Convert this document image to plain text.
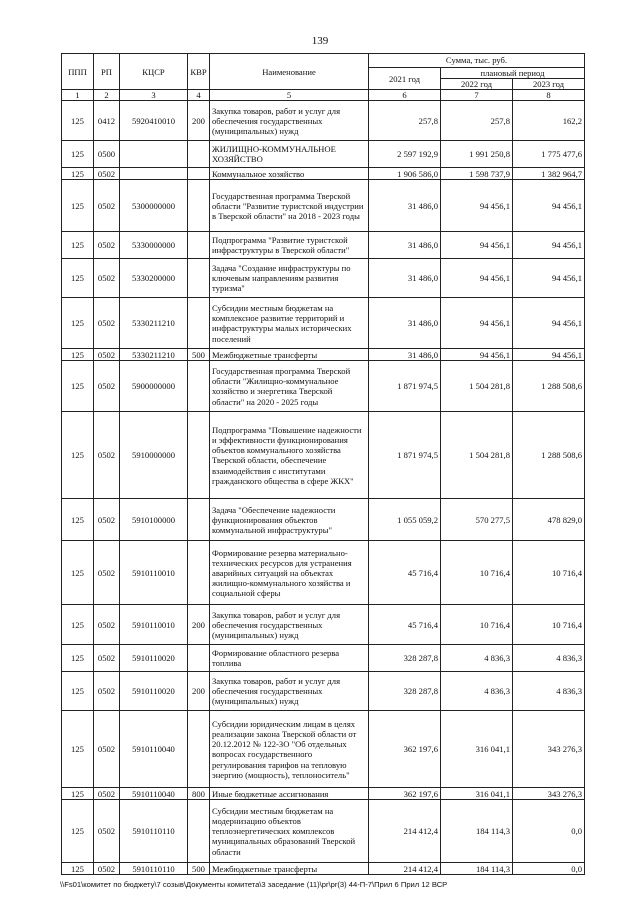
139
ППП	РП	КЦСР	КВР	Наименование	Сумма, тыс. руб.		
					2021 год	плановый период	
						2022 год	2023 год
1	2	3	4	5	6	7	8
125	0412	5920410010	200	Закупка товаров, работ и услуг для обеспечения государственных (муниципальных) нужд	257,8	257,8	162,2
125	0500			ЖИЛИЩНО-КОММУНАЛЬНОЕ ХОЗЯЙСТВО	2 597 192,9	1 991 250,8	1 775 477,6
125	0502			Коммунальное хозяйство	1 906 586,0	1 598 737,9	1 382 964,7
125	0502	5300000000		Государственная программа Тверской области "Развитие туристской индустрии в Тверской области" на 2018 - 2023 годы	31 486,0	94 456,1	94 456,1
125	0502	5330000000		Подпрограмма "Развитие туристской инфраструктуры в Тверской области"	31 486,0	94 456,1	94 456,1
125	0502	5330200000		Задача "Создание инфраструктуры по ключевым направлениям развития туризма"	31 486,0	94 456,1	94 456,1
125	0502	5330211210		Субсидии местным бюджетам на комплексное развитие территорий и инфраструктуры малых исторических поселений	31 486,0	94 456,1	94 456,1
125	0502	5330211210	500	Межбюджетные трансферты	31 486,0	94 456,1	94 456,1
125	0502	5900000000		Государственная программа Тверской области "Жилищно-коммунальное хозяйство и энергетика Тверской области" на 2020 - 2025 годы	1 871 974,5	1 504 281,8	1 288 508,6
125	0502	5910000000		Подпрограмма "Повышение надежности и эффективности функционирования объектов коммунального хозяйства Тверской области, обеспечение взаимодействия с институтами гражданского общества в сфере ЖКХ"	1 871 974,5	1 504 281,8	1 288 508,6
125	0502	5910100000		Задача "Обеспечение надежности функционирования объектов коммунальной инфраструктуры"	1 055 059,2	570 277,5	478 829,0
125	0502	5910110010		Формирование резерва материально-технических ресурсов для устранения аварийных ситуаций на объектах жилищно-коммунального хозяйства и социальной сферы	45 716,4	10 716,4	10 716,4
125	0502	5910110010	200	Закупка товаров, работ и услуг для обеспечения государственных (муниципальных) нужд	45 716,4	10 716,4	10 716,4
125	0502	5910110020		Формирование областного резерва топлива	328 287,8	4 836,3	4 836,3
125	0502	5910110020	200	Закупка товаров, работ и услуг для обеспечения государственных (муниципальных) нужд	328 287,8	4 836,3	4 836,3
125	0502	5910110040		Субсидии юридическим лицам в целях реализации закона Тверской области от 20.12.2012 № 122-ЗО "Об отдельных вопросах государственного регулирования тарифов на тепловую энергию (мощность), теплоноситель"	362 197,6	316 041,1	343 276,3
125	0502	5910110040	800	Иные бюджетные ассигнования	362 197,6	316 041,1	343 276,3
125	0502	5910110110		Субсидии местным бюджетам на модернизацию объектов теплоэнергетических комплексов муниципальных образований Тверской области	214 412,4	184 114,3	0,0
125	0502	5910110110	500	Межбюджетные трансферты	214 412,4	184 114,3	0,0
\\Fs01\комитет по бюджету\7 созыв\Документы комитета\3 заседание (11)\pr\pr(3) 44-П-7\Прил 6 Прил 12 ВСР
